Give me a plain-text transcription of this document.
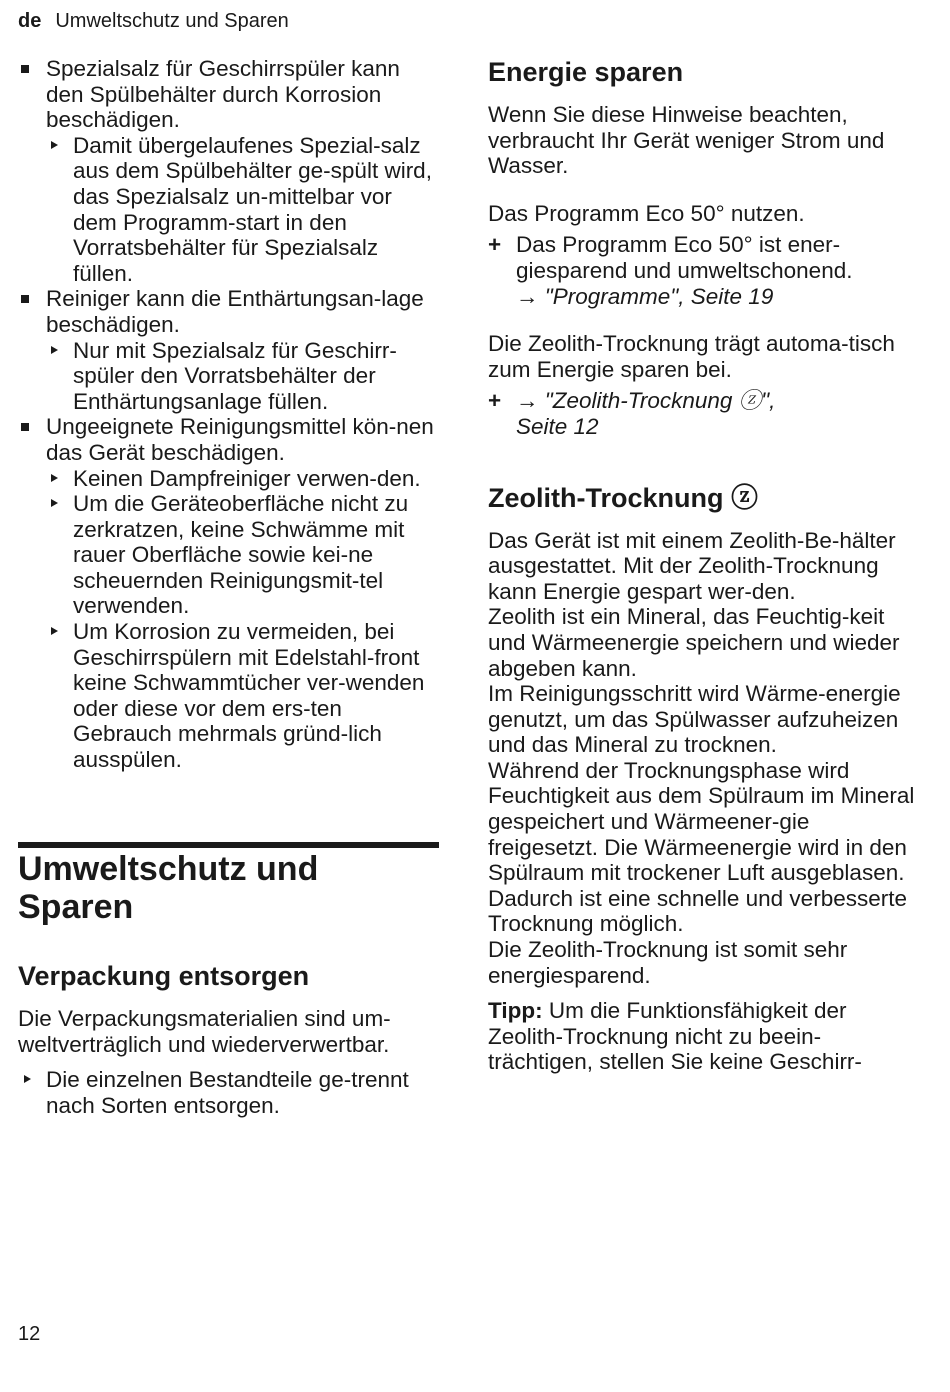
de Umweltschutz und Sparen

Spezialsalz für Geschirrspüler kann den Spülbehälter durch Korrosion beschädigen.

Damit übergelaufenes Spezial-salz aus dem Spülbehälter ge-spült wird, das Spezialsalz un-mittelbar vor dem Programm-start in den Vorratsbehälter für Spezialsalz füllen.

Reiniger kann die Enthärtungsan-lage beschädigen.

Nur mit Spezialsalz für Geschirr-spüler den Vorratsbehälter der Enthärtungsanlage füllen.

Ungeeignete Reinigungsmittel kön-nen das Gerät beschädigen.

Keinen Dampfreiniger verwen-den.

Um die Geräteoberfläche nicht zu zerkratzen, keine Schwämme mit rauer Oberfläche sowie kei-ne scheuernden Reinigungsmit-tel verwenden.

Um Korrosion zu vermeiden, bei Geschirrspülern mit Edelstahl-front keine Schwammtücher ver-wenden oder diese vor dem ers-ten Gebrauch mehrmals gründ-lich ausspülen.

Umweltschutz und Sparen
Verpackung entsorgen

Die Verpackungsmaterialien sind um-weltverträglich und wiederverwertbar.

Die einzelnen Bestandteile ge-trennt nach Sorten entsorgen.

Energie sparen

Wenn Sie diese Hinweise beachten, verbraucht Ihr Gerät weniger Strom und Wasser.

Das Programm Eco 50° nutzen.

+ Das Programm Eco 50° ist ener-giesparend und umweltschonend.

→ "Programme", Seite 19

Die Zeolith-Trocknung trägt automa-tisch zum Energie sparen bei.

+ → "Zeolith-Trocknung ⓩ",

Seite 12

Zeolith-Trocknung ⓩ

Das Gerät ist mit einem Zeolith-Be-hälter ausgestattet. Mit der Zeolith-Trocknung kann Energie gespart wer-den.

Zeolith ist ein Mineral, das Feuchtig-keit und Wärmeenergie speichern und wieder abgeben kann.

Im Reinigungsschritt wird Wärme-energie genutzt, um das Spülwasser aufzuheizen und das Mineral zu trocknen.

Während der Trocknungsphase wird Feuchtigkeit aus dem Spülraum im Mineral gespeichert und Wärmeener-gie freigesetzt. Die Wärmeenergie wird in den Spülraum mit trockener Luft ausgeblasen. Dadurch ist eine schnelle und verbesserte Trocknung möglich.

Die Zeolith-Trocknung ist somit sehr energiesparend.

Tipp: Um die Funktionsfähigkeit der Zeolith-Trocknung nicht zu beein-trächtigen, stellen Sie keine Geschirr-

12
